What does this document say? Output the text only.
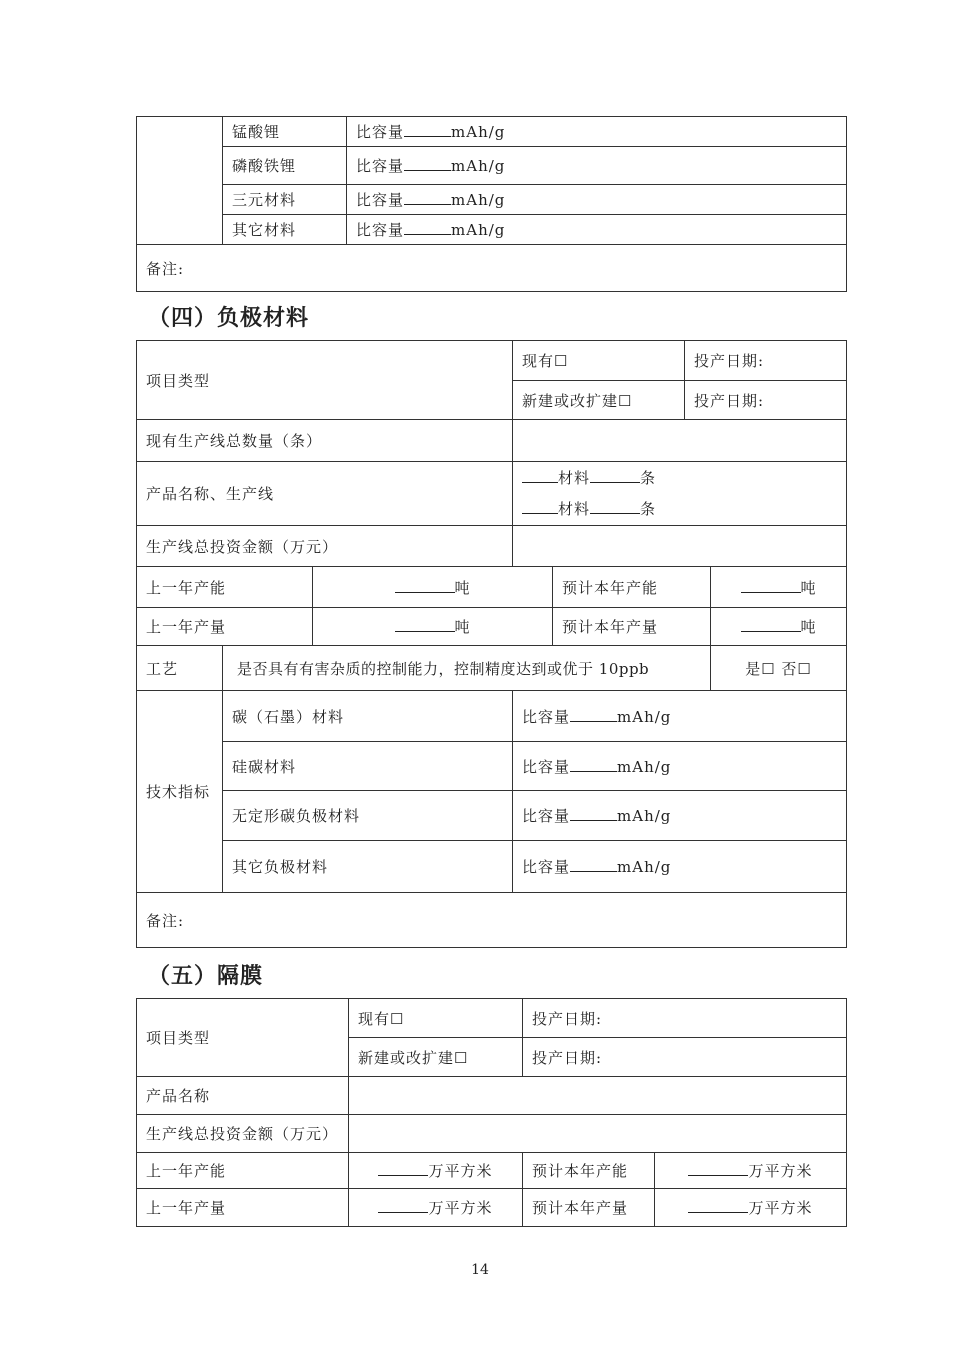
	锰酸锂	比容量 mAh/g
	磷酸铁锂	比容量 mAh/g
	三元材料	比容量 mAh/g
	其它材料	比容量 mAh/g
备注:		
（四）负极材料
项目类型			现有☐		投产日期:	
			新建或改扩建☐		投产日期:	
现有生产线总数量（条）						
产品名称、生产线			材料 条
材料 条			

生产线总投资金额（万元）						
上一年产能		吨		预计本年产能		吨
上一年产量		吨		预计本年产量		吨
工艺	是否具有有害杂质的控制能力，控制精度达到或优于 10ppb					是☐ 否☐
技术指标	碳（石墨）材料		比容量 mAh/g			
	硅碳材料		比容量 mAh/g			
	无定形碳负极材料		比容量 mAh/g			
	其它负极材料		比容量 mAh/g			
备注:						
（五）隔膜
项目类型	现有☐	投产日期:	
	新建或改扩建☐	投产日期:	
产品名称			
生产线总投资金额（万元）			
上一年产能	万平方米	预计本年产能	万平方米
上一年产量	万平方米	预计本年产量	万平方米
14
